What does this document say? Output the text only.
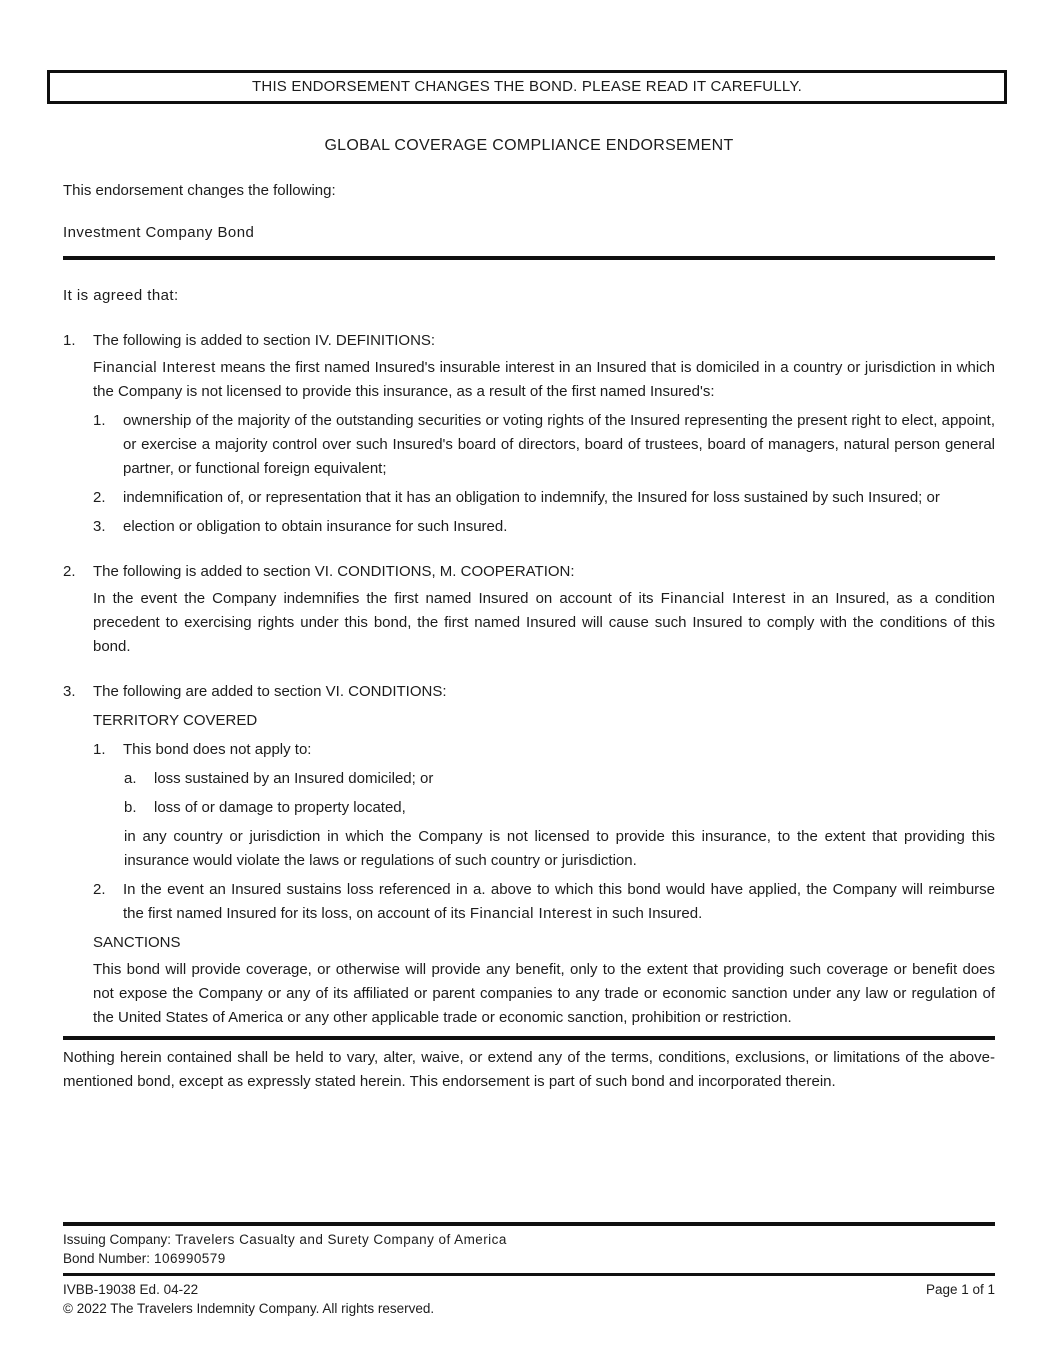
THIS ENDORSEMENT CHANGES THE BOND. PLEASE READ IT CAREFULLY.
GLOBAL COVERAGE COMPLIANCE ENDORSEMENT

This endorsement changes the following:

Investment Company Bond

It is agreed that:

1.	The following is added to section IV. DEFINITIONS:

Financial Interest means the first named Insured's insurable interest in an Insured that is domiciled in a country or jurisdiction in which the Company is not licensed to provide this insurance, as a result of the first named Insured's:

1.	ownership of the majority of the outstanding securities or voting rights of the Insured representing the present right to elect, appoint, or exercise a majority control over such Insured's board of directors, board of trustees, board of managers, natural person general partner, or functional foreign equivalent;
2.	indemnification of, or representation that it has an obligation to indemnify, the Insured for loss sustained by such Insured; or
3.	election or obligation to obtain insurance for such Insured.
2.	The following is added to section VI. CONDITIONS, M. COOPERATION:

In the event the Company indemnifies the first named Insured on account of its Financial Interest in an Insured, as a condition precedent to exercising rights under this bond, the first named Insured will cause such Insured to comply with the conditions of this bond.

3.	The following are added to section VI. CONDITIONS:

TERRITORY COVERED

1.	This bond does not apply to:
a.	loss sustained by an Insured domiciled; or
b.	loss of or damage to property located,

in any country or jurisdiction in which the Company is not licensed to provide this insurance, to the extent that providing this insurance would violate the laws or regulations of such country or jurisdiction.

2.	In the event an Insured sustains loss referenced in a. above to which this bond would have applied, the Company will reimburse the first named Insured for its loss, on account of its Financial Interest in such Insured.

SANCTIONS

This bond will provide coverage, or otherwise will provide any benefit, only to the extent that providing such coverage or benefit does not expose the Company or any of its affiliated or parent companies to any trade or economic sanction under any law or regulation of the United States of America or any other applicable trade or economic sanction, prohibition or restriction.

Nothing herein contained shall be held to vary, alter, waive, or extend any of the terms, conditions, exclusions, or limitations of the above-mentioned bond, except as expressly stated herein. This endorsement is part of such bond and incorporated therein.

Issuing Company: Travelers Casualty and Surety Company of America
Bond Number: 106990579
IVBB-19038 Ed. 04-22	Page 1 of 1
© 2022 The Travelers Indemnity Company. All rights reserved.
